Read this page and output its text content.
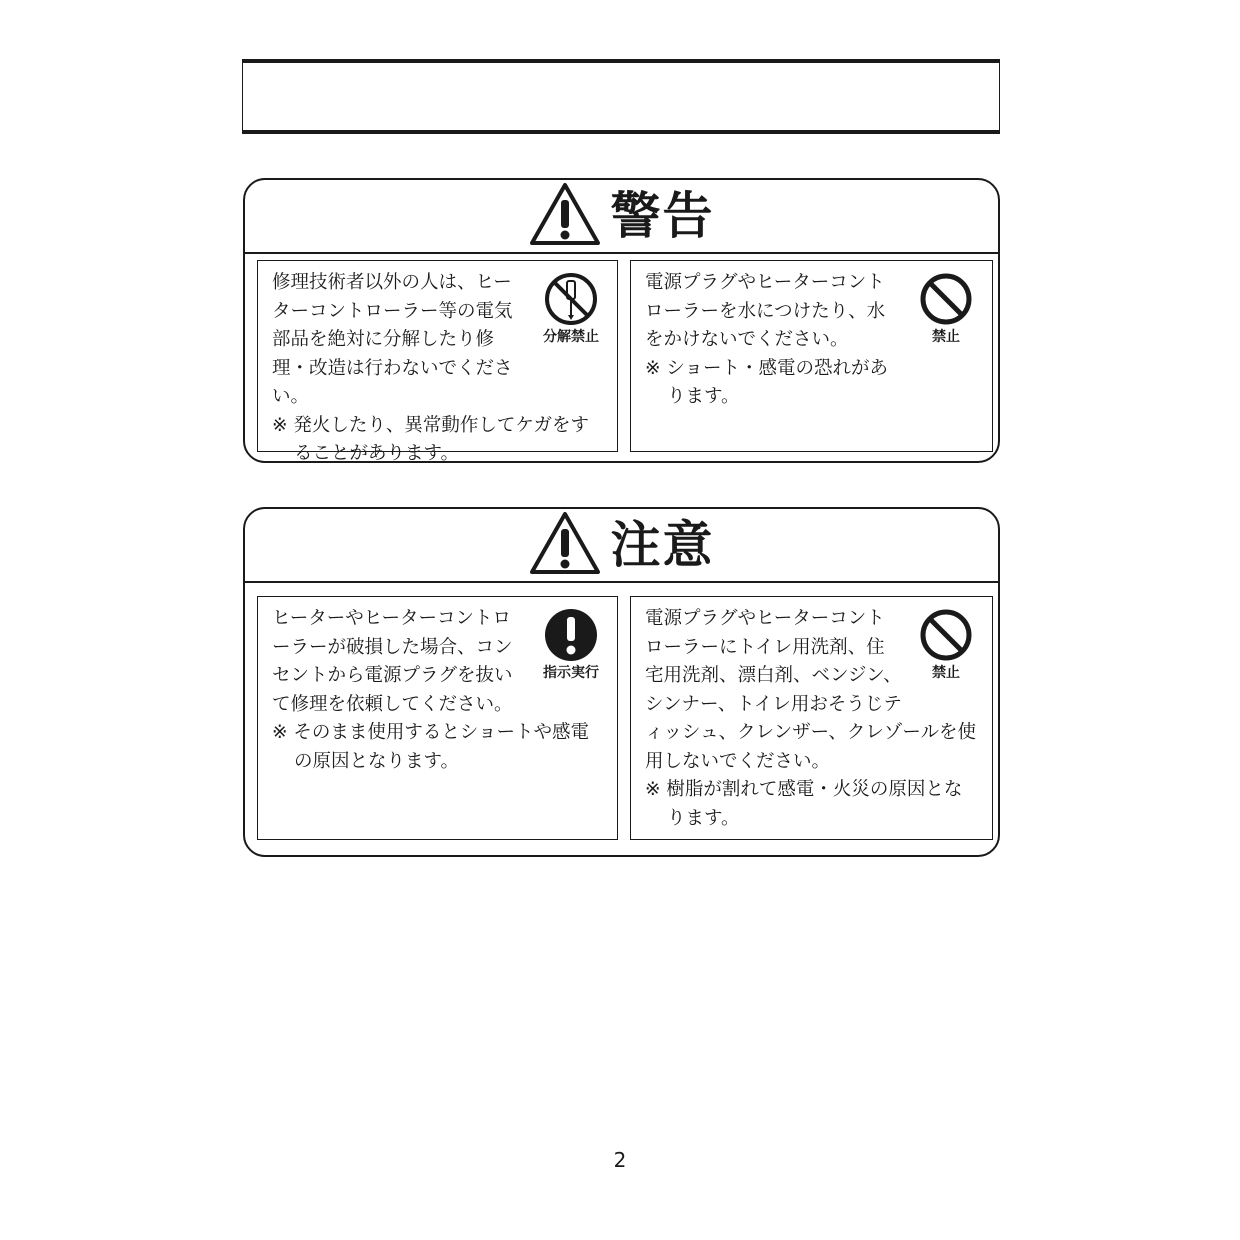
警告
分解禁止
修理技術者以外の人は、ヒーターコントローラー等の電気部品を絶対に分解したり修理・改造は行わないでください。
※ 発火したり、異常動作してケガをすることがあります。
禁止
電源プラグやヒーターコントローラーを水につけたり、水をかけないでください。
※ ショート・感電の恐れがあります。
注意
指示実行
ヒーターやヒーターコントローラーが破損した場合、コンセントから電源プラグを抜いて修理を依頼してください。
※ そのまま使用するとショートや感電の原因となります。
禁止
電源プラグやヒーターコントローラーにトイレ用洗剤、住宅用洗剤、漂白剤、ベンジン、シンナー、トイレ用おそうじティッシュ、クレンザー、クレゾールを使用しないでください。
※ 樹脂が割れて感電・火災の原因となります。
2
